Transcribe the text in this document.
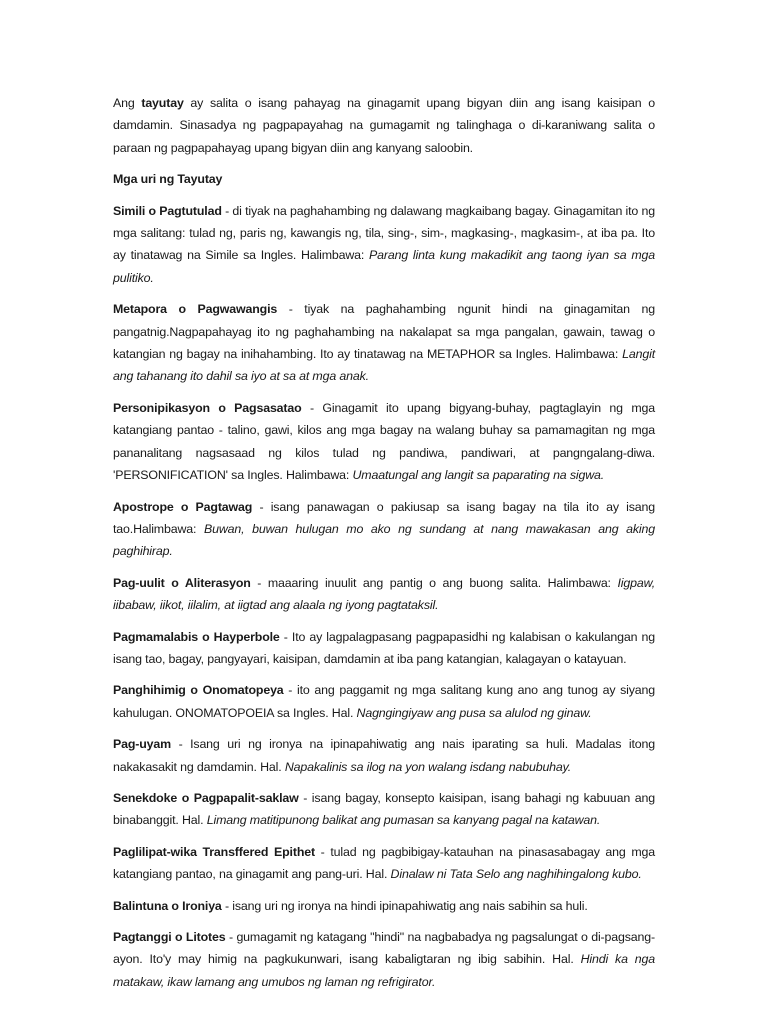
Ang tayutay ay salita o isang pahayag na ginagamit upang bigyan diin ang isang kaisipan o damdamin. Sinasadya ng pagpapayahag na gumagamit ng talinghaga o di-karaniwang salita o paraan ng pagpapahayag upang bigyan diin ang kanyang saloobin.

Mga uri ng Tayutay

Simili o Pagtutulad - di tiyak na paghahambing ng dalawang magkaibang bagay. Ginagamitan ito ng mga salitang: tulad ng, paris ng, kawangis ng, tila, sing-, sim-, magkasing-, magkasim-, at iba pa. Ito ay tinatawag na Simile sa Ingles. Halimbawa: Parang linta kung makadikit ang taong iyan sa mga pulitiko.

Metapora o Pagwawangis - tiyak na paghahambing ngunit hindi na ginagamitan ng pangatnig.Nagpapahayag ito ng paghahambing na nakalapat sa mga pangalan, gawain, tawag o katangian ng bagay na inihahambing. Ito ay tinatawag na METAPHOR sa Ingles. Halimbawa: Langit ang tahanang ito dahil sa iyo at sa at mga anak.

Personipikasyon o Pagsasatao - Ginagamit ito upang bigyang-buhay, pagtaglayin ng mga katangiang pantao - talino, gawi, kilos ang mga bagay na walang buhay sa pamamagitan ng mga pananalitang nagsasaad ng kilos tulad ng pandiwa, pandiwari, at pangngalang-diwa. 'PERSONIFICATION' sa Ingles. Halimbawa: Umaatungal ang langit sa paparating na sigwa.

Apostrope o Pagtawag - isang panawagan o pakiusap sa isang bagay na tila ito ay isang tao.Halimbawa: Buwan, buwan hulugan mo ako ng sundang at nang mawakasan ang aking paghihirap.

Pag-uulit o Aliterasyon - maaaring inuulit ang pantig o ang buong salita. Halimbawa: Iigpaw, iibabaw, iikot, iilalim, at iigtad ang alaala ng iyong pagtataksil.

Pagmamalabis o Hayperbole - Ito ay lagpalagpasang pagpapasidhi ng kalabisan o kakulangan ng isang tao, bagay, pangyayari, kaisipan, damdamin at iba pang katangian, kalagayan o katayuan.

Panghihimig o Onomatopeya - ito ang paggamit ng mga salitang kung ano ang tunog ay siyang kahulugan. ONOMATOPOEIA sa Ingles. Hal. Nagngingiyaw ang pusa sa alulod ng ginaw.

Pag-uyam - Isang uri ng ironya na ipinapahiwatig ang nais iparating sa huli. Madalas itong nakakasakit ng damdamin. Hal. Napakalinis sa ilog na yon walang isdang nabubuhay.

Senekdoke o Pagpapalit-saklaw - isang bagay, konsepto kaisipan, isang bahagi ng kabuuan ang binabanggit. Hal. Limang matitipunong balikat ang pumasan sa kanyang pagal na katawan.

Paglilipat-wika Transffered Epithet - tulad ng pagbibigay-katauhan na pinasasabagay ang mga katangiang pantao, na ginagamit ang pang-uri. Hal. Dinalaw ni Tata Selo ang naghihingalong kubo.

Balintuna o Ironiya - isang uri ng ironya na hindi ipinapahiwatig ang nais sabihin sa huli.

Pagtanggi o Litotes - gumagamit ng katagang "hindi" na nagbabadya ng pagsalungat o di-pagsang-ayon. Ito'y may himig na pagkukunwari, isang kabaligtaran ng ibig sabihin. Hal. Hindi ka nga matakaw, ikaw lamang ang umubos ng laman ng refrigirator.
